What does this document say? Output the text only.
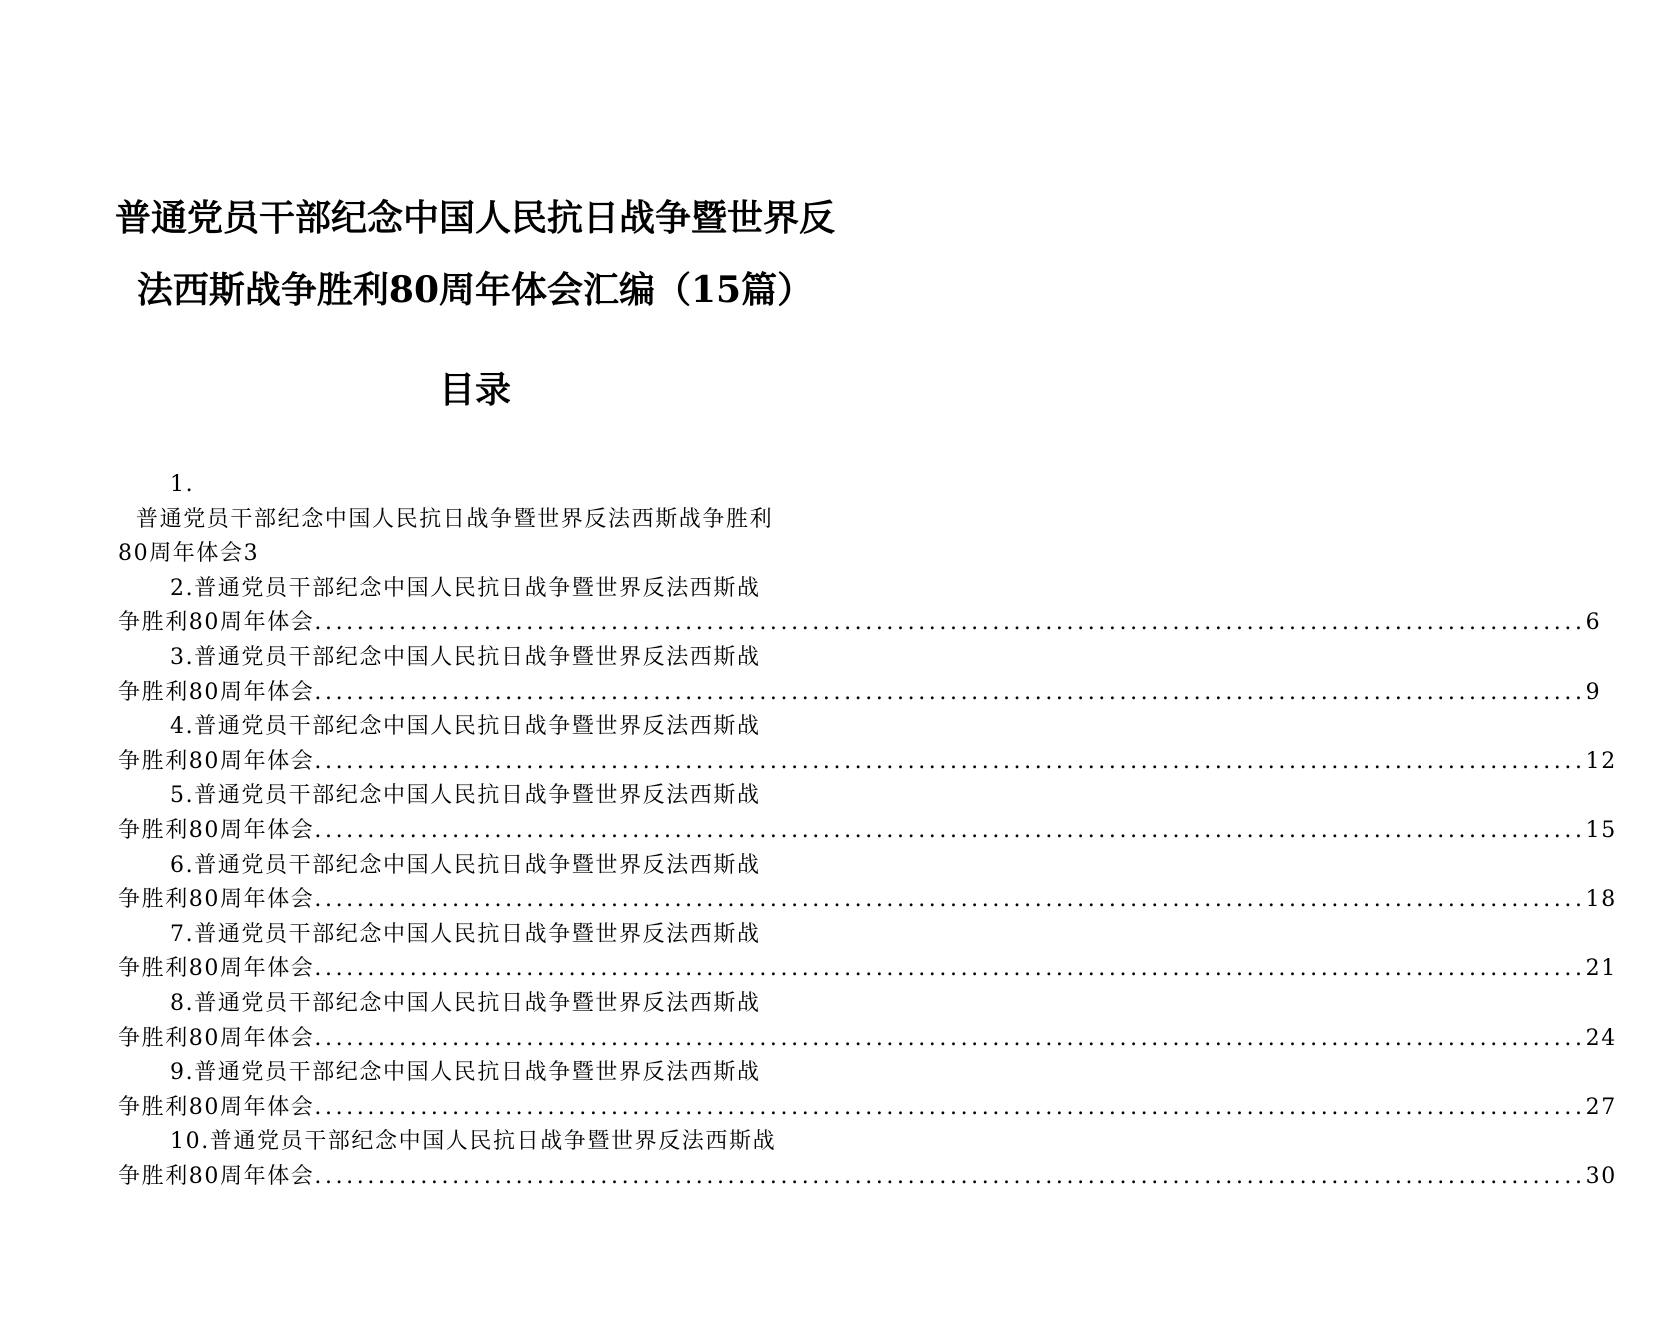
普通党员干部纪念中国人民抗日战争暨世界反
法西斯战争胜利80周年体会汇编（15篇）
目录
1.
普通党员干部纪念中国人民抗日战争暨世界反法西斯战争胜利
80周年体会3
2.普通党员干部纪念中国人民抗日战争暨世界反法西斯战
争胜利80周年体会 ........................................................................................................................ 6
3.普通党员干部纪念中国人民抗日战争暨世界反法西斯战
争胜利80周年体会 ........................................................................................................................ 9
4.普通党员干部纪念中国人民抗日战争暨世界反法西斯战
争胜利80周年体会 ........................................................................................................................ 12
5.普通党员干部纪念中国人民抗日战争暨世界反法西斯战
争胜利80周年体会 ........................................................................................................................ 15
6.普通党员干部纪念中国人民抗日战争暨世界反法西斯战
争胜利80周年体会 ........................................................................................................................ 18
7.普通党员干部纪念中国人民抗日战争暨世界反法西斯战
争胜利80周年体会 ........................................................................................................................ 21
8.普通党员干部纪念中国人民抗日战争暨世界反法西斯战
争胜利80周年体会 ........................................................................................................................ 24
9.普通党员干部纪念中国人民抗日战争暨世界反法西斯战
争胜利80周年体会 ........................................................................................................................ 27
10.普通党员干部纪念中国人民抗日战争暨世界反法西斯战
争胜利80周年体会 ........................................................................................................................ 30
